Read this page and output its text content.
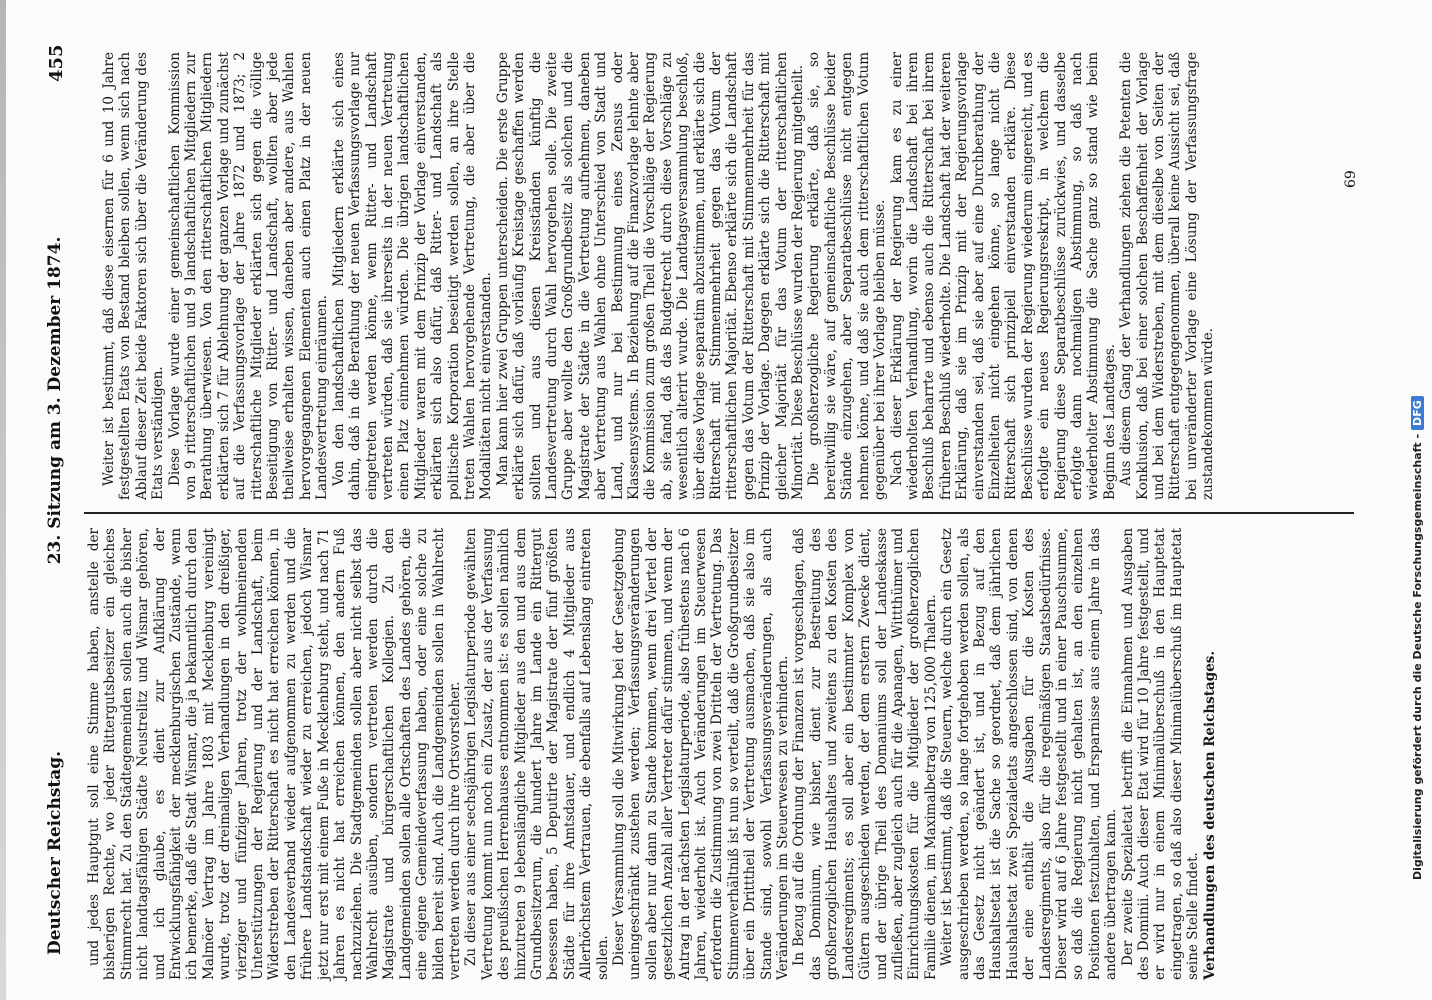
Deutscher Reichstag.
23. Sitzung am 3. Dezember 1874.
455

und jedes Hauptgut soll eine Stimme haben, anstelle der bisherigen Rechte, wo jeder Rittergutsbesitzer ein gleiches Stimmrecht hat. Zu den Städtegemeinden sollen auch die bisher nicht landtagsfähigen Städte Neustrelitz und Wismar gehören, und ich glaube, es dient zur Aufklärung der Entwicklungsfähigkeit der mecklenburgischen Zustände, wenn ich bemerke, daß die Stadt Wismar, die ja bekanntlich durch den Malmöer Vertrag im Jahre 1803 mit Mecklenburg vereinigt wurde, trotz der dreimaligen Verhandlungen in den dreißiger, vierziger und fünfziger Jahren, trotz der wohlmeinenden Unterstützungen der Regierung und der Landschaft, beim Widerstreben der Ritterschaft es nicht hat erreichen können, in den Landesverband wieder aufgenommen zu werden und die frühere Landstandschaft wieder zu erreichen, jedoch Wismar jetzt nur erst mit einem Fuße in Mecklenburg steht, und nach 71 Jahren es nicht hat erreichen können, den andern Fuß nachzuziehen. Die Stadtgemeinden sollen aber nicht selbst das Wahlrecht ausüben, sondern vertreten werden durch die Magistrate und bürgerschaftlichen Kollegien. Zu den Landgemeinden sollen alle Ortschaften des Landes gehören, die eine eigene Gemeindeverfassung haben, oder eine solche zu bilden bereit sind. Auch die Landgemeinden sollen in Wahlrecht vertreten werden durch ihre Ortsvorsteher. Zu dieser aus einer sechsjährigen Legislaturperiode gewählten Vertretung kommt nun noch ein Zusatz, der aus der Verfassung des preußischen Herrenhauses entnommen ist: es sollen nämlich hinzutreten 9 lebenslängliche Mitglieder aus den und aus dem Grundbesitzerum, die hundert Jahre im Lande ein Rittergut besessen haben, 5 Deputirte der Magistrate der fünf größten Städte für ihre Amtsdauer, und endlich 4 Mitglieder aus Allerhöchstem Vertrauen, die ebenfalls auf Lebenslang eintreten sollen. Dieser Versammlung soll die Mitwirkung bei der Gesetzgebung uneingeschränkt zustehen werden; Verfassungsveränderungen sollen aber nur dann zu Stande kommen, wenn drei Viertel der gesetzlichen Anzahl aller Vertreter dafür stimmen, und wenn der Antrag in der nächsten Legislaturperiode, also frühestens nach 6 Jahren, wiederholt ist. Auch Veränderungen im Steuerwesen erfordern die Zustimmung von zwei Dritteln der Vertretung. Das Stimmenverhältniß ist nun so verteilt, daß die Großgrundbesitzer über ein Dritttheil der Vertretung ausmachen, daß sie also im Stande sind, sowohl Verfassungsveränderungen, als auch Veränderungen im Steuerwesen zu verhindern. In Bezug auf die Ordnung der Finanzen ist vorgeschlagen, daß das Dominium, wie bisher, dient zur Bestreitung des großherzoglichen Haushaltes und zweitens zu den Kosten des Landesregiments; es soll aber ein bestimmter Komplex von Gütern ausgeschieden werden, der dem erstern Zwecke dient, und der übrige Theil des Domaniums soll der Landeskasse zufließen, aber zugleich auch für die Apanagen, Wittthümer und Einrichtungskosten für die Mitglieder der großherzoglichen Familie dienen, im Maximalbetrag von 125,000 Thalern. Weiter ist bestimmt, daß die Steuern, welche durch ein Gesetz ausgeschrieben werden, so lange fortgehoben werden sollen, als das Gesetz nicht geändert ist, und in Bezug auf den Haushaltsetat ist die Sache so geordnet, daß dem jährlichen Haushaltsetat zwei Spezialetats angeschlossen sind, von denen der eine enthält die Ausgaben für die Kosten des Landesregiments, also für die regelmäßigen Staatsbedürfnisse. Dieser wird auf 6 Jahre festgestellt und in einer Pauschsumme, so daß die Regierung nicht gehalten ist, an den einzelnen Positionen festzuhalten, und Ersparnisse aus einem Jahre in das andere übertragen kann. Der zweite Spezialetat betrifft die Einnahmen und Ausgaben des Dominii. Auch dieser Etat wird für 10 Jahre festgestellt, und er wird nur in einem Minimalüberschuß in den Hauptetat eingetragen, so daß also dieser Minimalüberschuß im Hauptetat seine Stelle findet. Verhandlungen des deutschen Reichstages.

Weiter ist bestimmt, daß diese eisernen für 6 und 10 Jahre festgestellten Etats von Bestand bleiben sollen, wenn sich nach Ablauf dieser Zeit beide Faktoren sich über die Veränderung des Etats verständigen. Diese Vorlage wurde einer gemeinschaftlichen Kommission von 9 ritterschaftlichen und 9 landschaftlichen Mitgliedern zur Berathung überwiesen. Von den ritterschaftlichen Mitgliedern erklärten sich 7 für Ablehnung der ganzen Vorlage und zunächst auf die Verfassungsvorlage der Jahre 1872 und 1873; 2 ritterschaftliche Mitglieder erklärten sich gegen die völlige Beseitigung von Ritter- und Landschaft, wollten aber jede theilweise erhalten wissen, daneben aber andere, aus Wahlen hervorgegangenen Elementen auch einen Platz in der neuen Landesvertretung einräumen. Von den landschaftlichen Mitgliedern erklärte sich eines dahin, daß in die Berathung der neuen Verfassungsvorlage nur eingetreten werden könne, wenn Ritter- und Landschaft vertreten würden, daß sie ihrerseits in der neuen Vertretung einen Platz einnehmen würden. Die übrigen landschaftlichen Mitglieder waren mit dem Prinzip der Vorlage einverstanden, erklärten sich also dafür, daß Ritter- und Landschaft als politische Korporation beseitigt werden sollen, an ihre Stelle treten Wahlen hervorgehende Vertretung, die aber über die Modalitäten nicht einverstanden. Man kann hier zwei Gruppen unterscheiden. Die erste Gruppe erklärte sich dafür, daß vorläufig Kreistage geschaffen werden sollten und aus diesen Kreisständen künftig die Landesvertretung durch Wahl hervorgehen solle. Die zweite Gruppe aber wollte den Großgrundbesitz als solchen und die Magistrate der Städte in die Vertretung aufnehmen, daneben aber Vertretung aus Wahlen ohne Unterschied von Stadt und Land, und nur bei Bestimmung eines Zensus oder Klassensystems. In Beziehung auf die Finanzvorlage lehnte aber die Kommission zum großen Theil die Vorschläge der Regierung ab, sie fand, daß das Budgetrecht durch diese Vorschläge zu wesentlich alterirt wurde. Die Landtagsversammlung beschloß, über diese Vorlage separatim abzustimmen, und erklärte sich die Ritterschaft mit Stimmenmehrheit gegen das Votum der ritterschaftlichen Majorität. Ebenso erklärte sich die Landschaft gegen das Votum der Ritterschaft mit Stimmenmehrheit für das Prinzip der Vorlage. Dagegen erklärte sich die Ritterschaft mit gleicher Majorität für das Votum der ritterschaftlichen Minorität. Diese Beschlüsse wurden der Regierung mitgetheilt. Die großherzogliche Regierung erklärte, daß sie, so bereitwillig sie wäre, auf gemeinschaftliche Beschlüsse beider Stände einzugehen, aber Separatbeschlüsse nicht entgegen nehmen könne, und daß sie auch dem ritterschaftlichen Votum gegenüber bei ihrer Vorlage bleiben müsse. Nach dieser Erklärung der Regierung kam es zu einer wiederholten Verhandlung, worin die Landschaft bei ihrem Beschluß beharrte und ebenso auch die Ritterschaft bei ihrem früheren Beschluß wiederholte. Die Landschaft hat der weiteren Erklärung, daß sie im Prinzip mit der Regierungsvorlage einverstanden sei, daß sie aber auf eine Durchberathung der Einzelheiten nicht eingehen könne, so lange nicht die Ritterschaft sich prinzipiell einverstanden erkläre. Diese Beschlüsse wurden der Regierung wiederum eingereicht, und es erfolgte ein neues Regierungsreskript, in welchem die Regierung diese Separatbeschlüsse zurückwies, und dasselbe erfolgte dann nochmaligen Abstimmung, so daß nach wiederholter Abstimmung die Sache ganz so stand wie beim Beginn des Landtages. Aus diesem Gang der Verhandlungen ziehen die Petenten die Konklusion, daß bei einer solchen Beschaffenheit der Vorlage und bei dem Widerstreben, mit dem dieselbe von Seiten der Ritterschaft entgegengenommen, überall keine Aussicht sei, daß bei unveränderter Vorlage eine Lösung der Verfassungsfrage zustandekommen würde.

69
Digitalisierung gefördert durch die Deutsche Forschungsgemeinschaft -DFG
